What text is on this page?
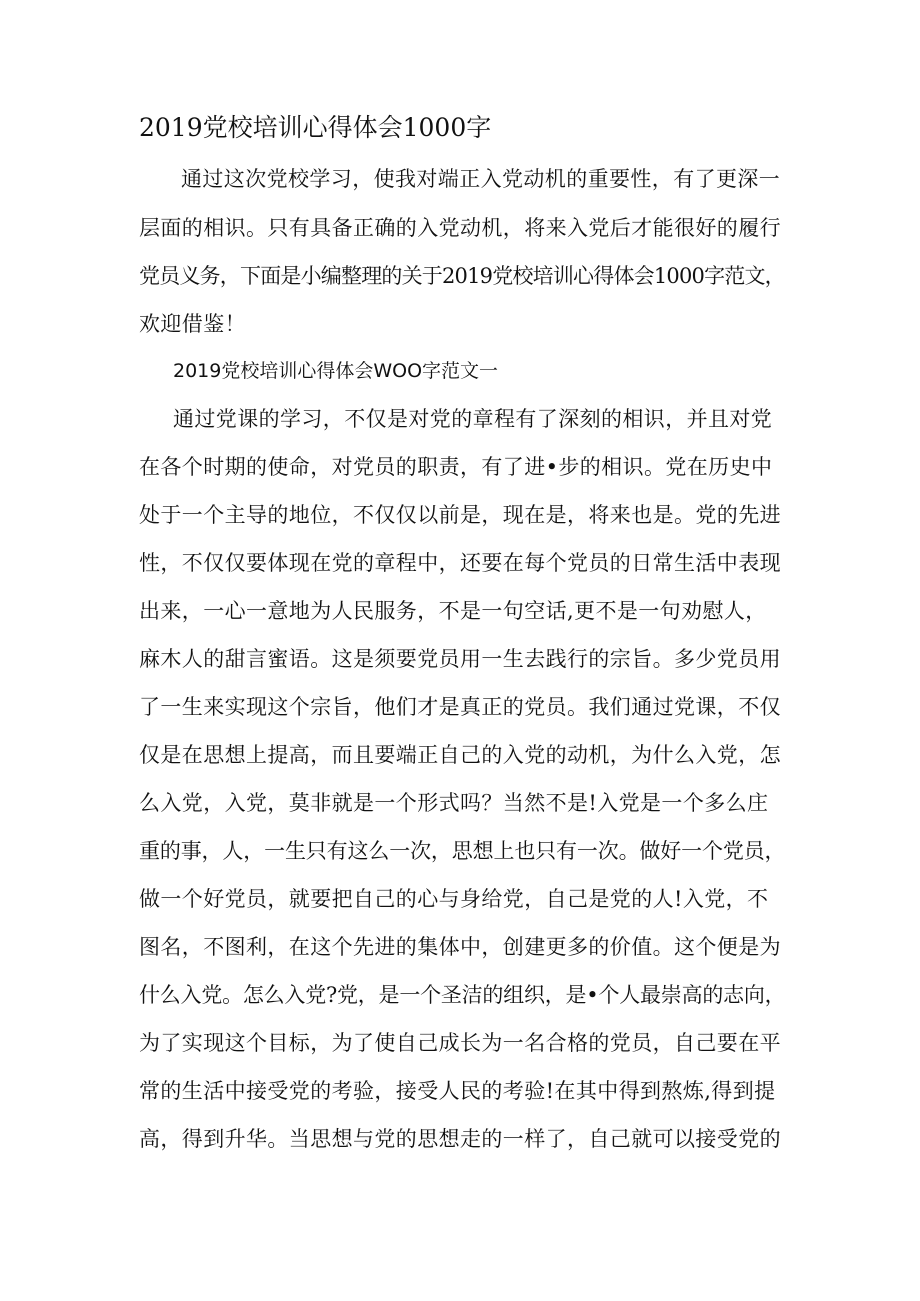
2019党校培训心得体会1000字
通过这次党校学习，使我对端正入党动机的重要性，有了更深一
层面的相识。只有具备正确的入党动机，将来入党后才能很好的履行
党员义务，下面是小编整理的关于2019党校培训心得体会1000字范文，
欢迎借鉴！
2019党校培训心得体会WOO字范文一
通过党课的学习，不仅是对党的章程有了深刻的相识，并且对党
在各个时期的使命，对党员的职责，有了进•步的相识。党在历史中
处于一个主导的地位，不仅仅以前是，现在是，将来也是。党的先进
性，不仅仅要体现在党的章程中，还要在每个党员的日常生活中表现
出来，一心一意地为人民服务，不是一句空话,更不是一句劝慰人，
麻木人的甜言蜜语。这是须要党员用一生去践行的宗旨。多少党员用
了一生来实现这个宗旨，他们才是真正的党员。我们通过党课，不仅
仅是在思想上提高，而且要端正自己的入党的动机，为什么入党，怎
么入党，入党，莫非就是一个形式吗？当然不是!入党是一个多么庄
重的事，人，一生只有这么一次，思想上也只有一次。做好一个党员，
做一个好党员，就要把自己的心与身给党，自己是党的人!入党，不
图名，不图利，在这个先进的集体中，创建更多的价值。这个便是为
什么入党。怎么入党?党，是一个圣洁的组织，是•个人最崇高的志向，
为了实现这个目标，为了使自己成长为一名合格的党员，自己要在平
常的生活中接受党的考验，接受人民的考验!在其中得到熬炼,得到提
高，得到升华。当思想与党的思想走的一样了，自己就可以接受党的
